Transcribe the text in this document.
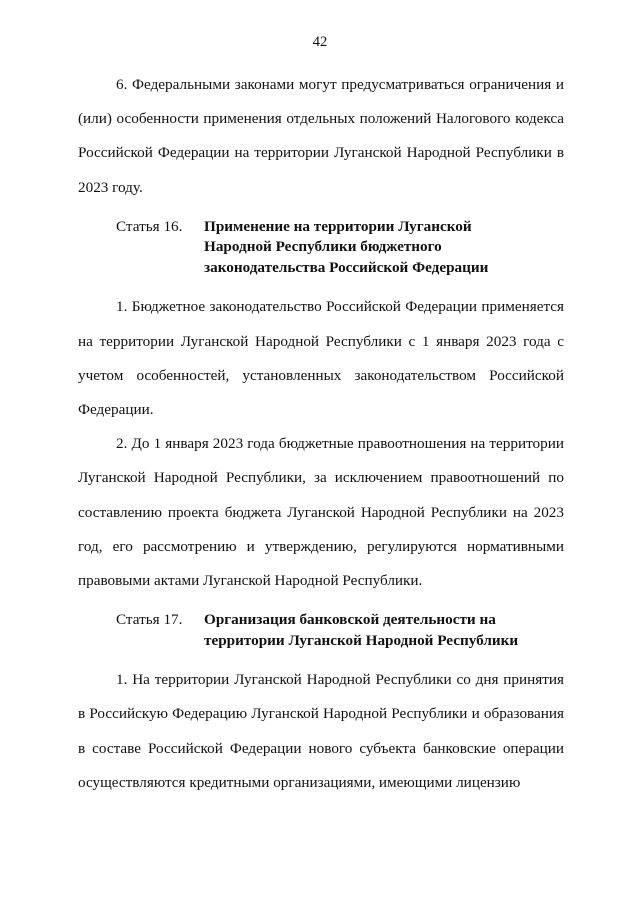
42

6. Федеральными законами могут предусматриваться ограничения и (или) особенности применения отдельных положений Налогового кодекса Российской Федерации на территории Луганской Народной Республики в 2023 году.

Статья 16.	Применение на территории Луганской Народной Республики бюджетного законодательства Российской Федерации

1. Бюджетное законодательство Российской Федерации применяется на территории Луганской Народной Республики с 1 января 2023 года с учетом особенностей, установленных законодательством Российской Федерации.

2. До 1 января 2023 года бюджетные правоотношения на территории Луганской Народной Республики, за исключением правоотношений по составлению проекта бюджета Луганской Народной Республики на 2023 год, его рассмотрению и утверждению, регулируются нормативными правовыми актами Луганской Народной Республики.

Статья 17.	Организация банковской деятельности на территории Луганской Народной Республики

1. На территории Луганской Народной Республики со дня принятия в Российскую Федерацию Луганской Народной Республики и образования в составе Российской Федерации нового субъекта банковские операции осуществляются кредитными организациями, имеющими лицензию
